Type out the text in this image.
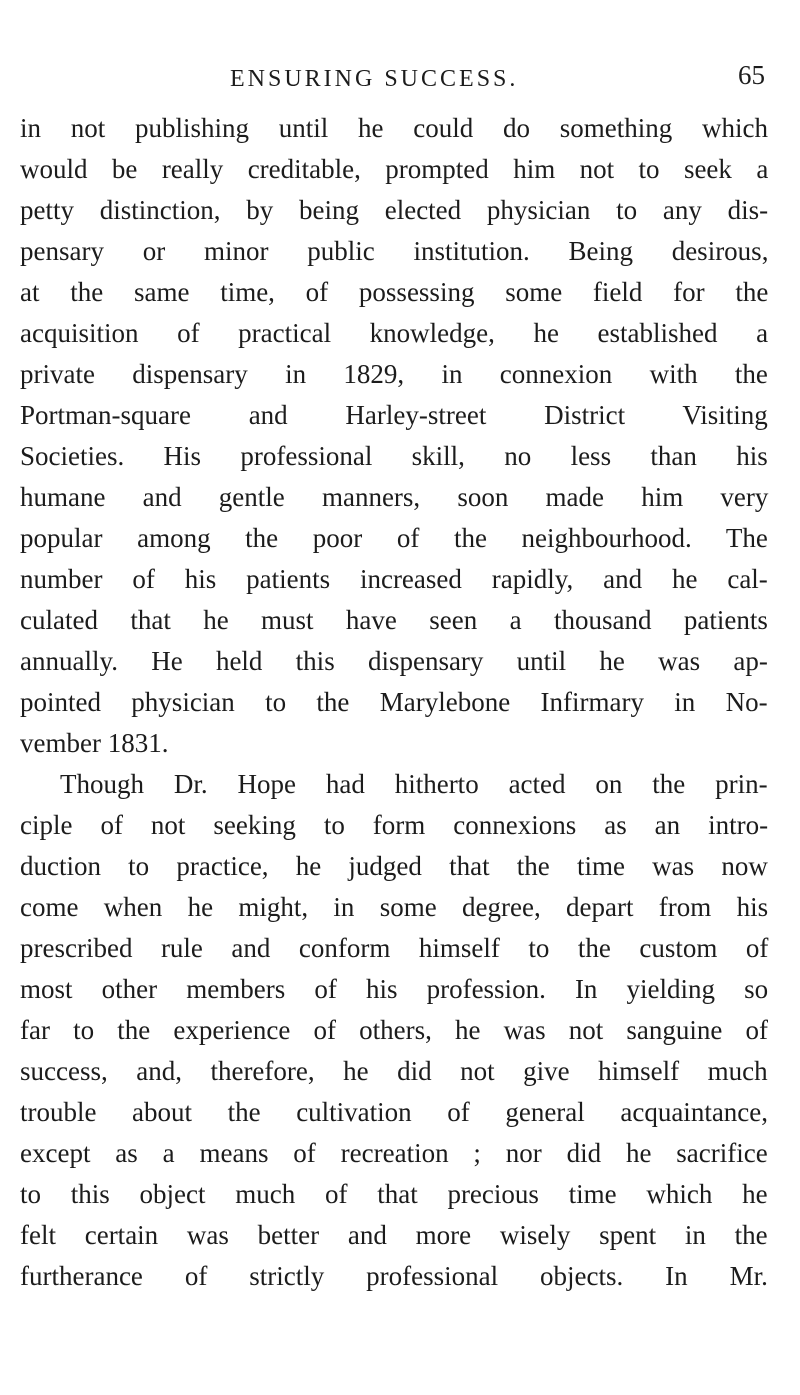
ENSURING SUCCESS.	65
in not publishing until he could do something which
would be really creditable, prompted him not to seek a
petty distinction, by being elected physician to any dis-
pensary or minor public institution. Being desirous,
at the same time, of possessing some field for the
acquisition of practical knowledge, he established a
private dispensary in 1829, in connexion with the
Portman-square and Harley-street District Visiting
Societies. His professional skill, no less than his
humane and gentle manners, soon made him very
popular among the poor of the neighbourhood. The
number of his patients increased rapidly, and he cal-
culated that he must have seen a thousand patients
annually. He held this dispensary until he was ap-
pointed physician to the Marylebone Infirmary in No-
vember 1831.
Though Dr. Hope had hitherto acted on the prin-
ciple of not seeking to form connexions as an intro-
duction to practice, he judged that the time was now
come when he might, in some degree, depart from his
prescribed rule and conform himself to the custom of
most other members of his profession. In yielding so
far to the experience of others, he was not sanguine of
success, and, therefore, he did not give himself much
trouble about the cultivation of general acquaintance,
except as a means of recreation ; nor did he sacrifice
to this object much of that precious time which he
felt certain was better and more wisely spent in the
furtherance of strictly professional objects. In Mr.
